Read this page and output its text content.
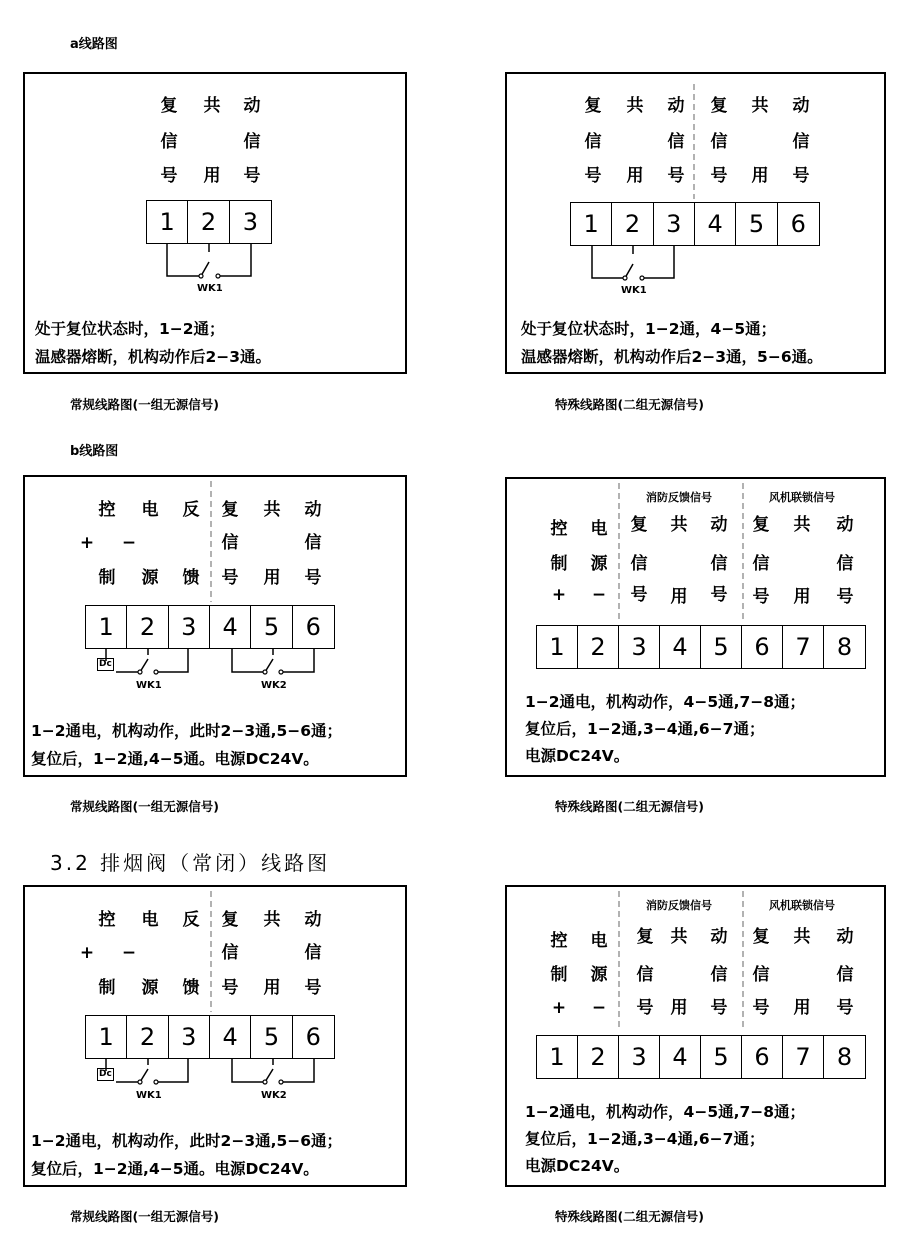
a线路图
b线路图
3.2 排烟阀（常闭）线路图
复 共 动
信	信
号 用 号
1	2	3
WK1
处于复位状态时，1−2通；
温感器熔断，机构动作后2−3通。
常规线路图(一组无源信号)
复 共 动 复 共 动
信	信 信	信
号 用 号 号 用 号
1	2	3	4	5	6
WK1
处于复位状态时，1−2通，4−5通；
温感器熔断，机构动作后2−3通，5−6通。
特殊线路图(二组无源信号)
控 电 反 复 共 动
+ −	信	信
制 源 馈 号 用 号
1	2	3	4	5	6
Dc
WK1	WK2
1−2通电，机构动作，此时2−3通,5−6通；
复位后，1−2通,4−5通。电源DC24V。
常规线路图(一组无源信号)
消防反馈信号	风机联锁信号
控 电 复 共 动 复 共 动
制 源 信	信 信	信
+ − 号 用 号 号 用 号
1	2	3	4	5	6	7	8
1−2通电，机构动作，4−5通,7−8通；
复位后，1−2通,3−4通,6−7通；
电源DC24V。
特殊线路图(二组无源信号)
控 电 反 复 共 动
+ −	信	信
制 源 馈 号 用 号
1	2	3	4	5	6
Dc
WK1	WK2
1−2通电，机构动作，此时2−3通,5−6通；
复位后，1−2通,4−5通。电源DC24V。
常规线路图(一组无源信号)
消防反馈信号	风机联锁信号
控 电 复 共 动 复 共 动
制 源 信	信 信	信
+ − 号 用 号 号 用 号
1	2	3	4	5	6	7	8
1−2通电，机构动作，4−5通,7−8通；
复位后，1−2通,3−4通,6−7通；
电源DC24V。
特殊线路图(二组无源信号)
